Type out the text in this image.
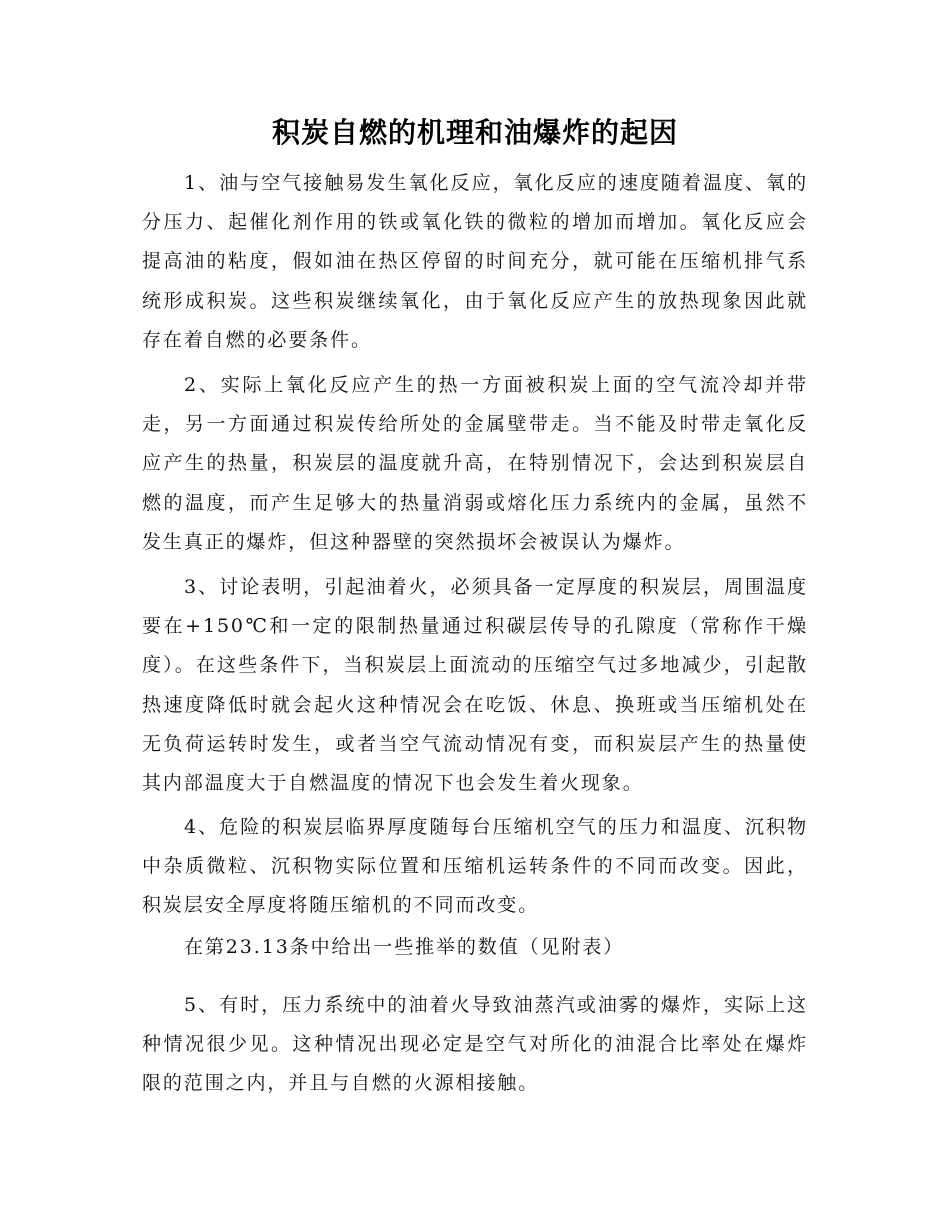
积炭自燃的机理和油爆炸的起因

1、油与空气接触易发生氧化反应，氧化反应的速度随着温度、氧的分压力、起催化剂作用的铁或氧化铁的微粒的增加而增加。氧化反应会提高油的粘度，假如油在热区停留的时间充分，就可能在压缩机排气系统形成积炭。这些积炭继续氧化，由于氧化反应产生的放热现象因此就存在着自燃的必要条件。

2、实际上氧化反应产生的热一方面被积炭上面的空气流冷却并带走，另一方面通过积炭传给所处的金属壁带走。当不能及时带走氧化反应产生的热量，积炭层的温度就升高，在特别情况下，会达到积炭层自燃的温度，而产生足够大的热量消弱或熔化压力系统内的金属，虽然不发生真正的爆炸，但这种器壁的突然损坏会被误认为爆炸。

3、讨论表明，引起油着火，必须具备一定厚度的积炭层，周围温度要在+150℃和一定的限制热量通过积碳层传导的孔隙度（常称作干燥度）。在这些条件下，当积炭层上面流动的压缩空气过多地减少，引起散热速度降低时就会起火这种情况会在吃饭、休息、换班或当压缩机处在无负荷运转时发生，或者当空气流动情况有变，而积炭层产生的热量使其内部温度大于自燃温度的情况下也会发生着火现象。

4、危险的积炭层临界厚度随每台压缩机空气的压力和温度、沉积物中杂质微粒、沉积物实际位置和压缩机运转条件的不同而改变。因此，积炭层安全厚度将随压缩机的不同而改变。

在第23.13条中给出一些推举的数值（见附表）

5、有时，压力系统中的油着火导致油蒸汽或油雾的爆炸，实际上这种情况很少见。这种情况出现必定是空气对所化的油混合比率处在爆炸限的范围之内，并且与自燃的火源相接触。
